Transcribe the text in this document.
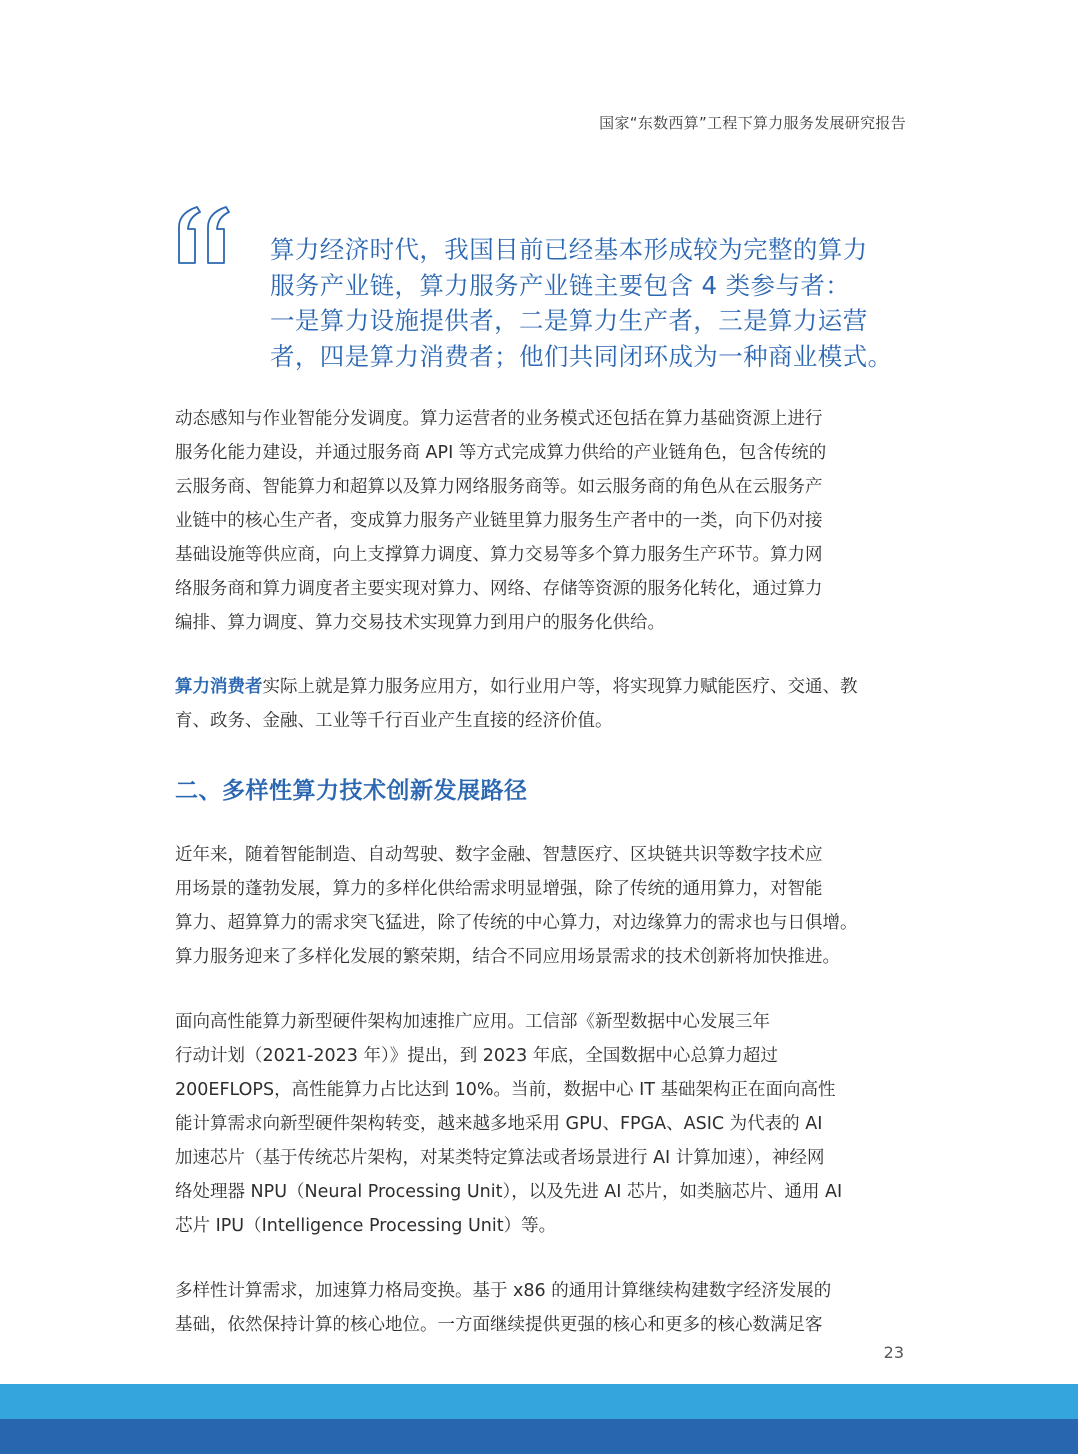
国家“东数西算”工程下算力服务发展研究报告

算力经济时代，我国目前已经基本形成较为完整的算力

服务产业链，算力服务产业链主要包含 4 类参与者：

一是算力设施提供者，二是算力生产者，三是算力运营

者，四是算力消费者；他们共同闭环成为一种商业模式。

动态感知与作业智能分发调度。算力运营者的业务模式还包括在算力基础资源上进行

服务化能力建设，并通过服务商 API 等方式完成算力供给的产业链角色，包含传统的

云服务商、智能算力和超算以及算力网络服务商等。如云服务商的角色从在云服务产

业链中的核心生产者，变成算力服务产业链里算力服务生产者中的一类，向下仍对接

基础设施等供应商，向上支撑算力调度、算力交易等多个算力服务生产环节。算力网

络服务商和算力调度者主要实现对算力、网络、存储等资源的服务化转化，通过算力

编排、算力调度、算力交易技术实现算力到用户的服务化供给。

算力消费者实际上就是算力服务应用方，如行业用户等，将实现算力赋能医疗、交通、教

育、政务、金融、工业等千行百业产生直接的经济价值。

二、多样性算力技术创新发展路径

近年来，随着智能制造、自动驾驶、数字金融、智慧医疗、区块链共识等数字技术应

用场景的蓬勃发展，算力的多样化供给需求明显增强，除了传统的通用算力，对智能

算力、超算算力的需求突飞猛进，除了传统的中心算力，对边缘算力的需求也与日俱增。

算力服务迎来了多样化发展的繁荣期，结合不同应用场景需求的技术创新将加快推进。

面向高性能算力新型硬件架构加速推广应用。工信部《新型数据中心发展三年

行动计划（2021-2023 年）》提出，到 2023 年底，全国数据中心总算力超过

200EFLOPS，高性能算力占比达到 10%。当前，数据中心 IT 基础架构正在面向高性

能计算需求向新型硬件架构转变，越来越多地采用 GPU、FPGA、ASIC 为代表的 AI

加速芯片（基于传统芯片架构，对某类特定算法或者场景进行 AI 计算加速），神经网

络处理器 NPU（Neural Processing Unit），以及先进 AI 芯片，如类脑芯片、通用 AI

芯片 IPU（Intelligence Processing Unit）等。

多样性计算需求，加速算力格局变换。基于 x86 的通用计算继续构建数字经济发展的

基础，依然保持计算的核心地位。一方面继续提供更强的核心和更多的核心数满足客

23
